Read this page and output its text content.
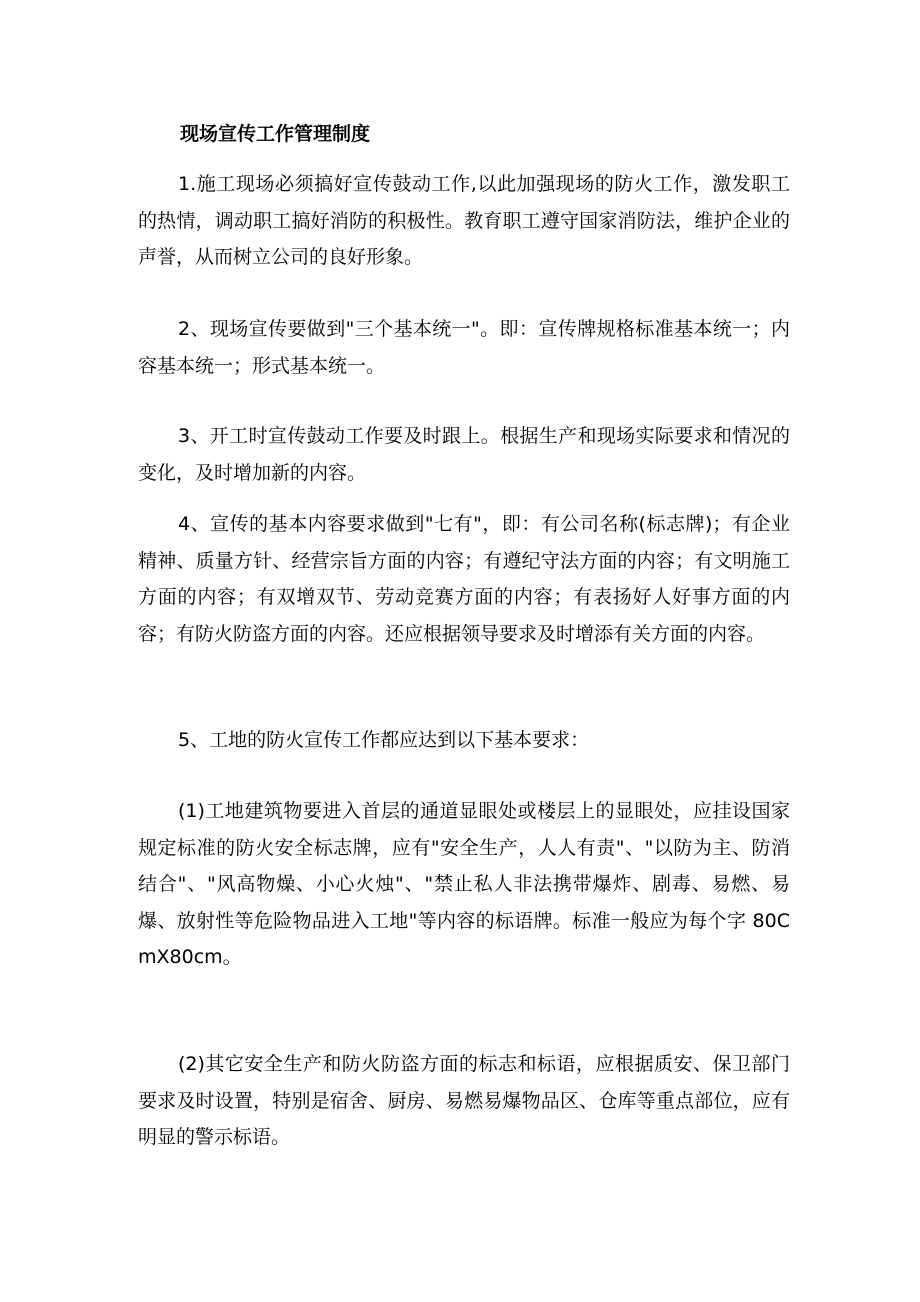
现场宣传工作管理制度

1.施工现场必须搞好宣传鼓动工作,以此加强现场的防火工作，激发职工的热情，调动职工搞好消防的积极性。教育职工遵守国家消防法，维护企业的声誉，从而树立公司的良好形象。

2、现场宣传要做到"三个基本统一"。即：宣传牌规格标准基本统一；内容基本统一；形式基本统一。

3、开工时宣传鼓动工作要及时跟上。根据生产和现场实际要求和情况的变化，及时增加新的内容。

4、宣传的基本内容要求做到"七有"，即：有公司名称(标志牌)；有企业精神、质量方针、经营宗旨方面的内容；有遵纪守法方面的内容；有文明施工方面的内容；有双增双节、劳动竞赛方面的内容；有表扬好人好事方面的内容；有防火防盗方面的内容。还应根据领导要求及时增添有关方面的内容。

5、工地的防火宣传工作都应达到以下基本要求：

(1)工地建筑物要进入首层的通道显眼处或楼层上的显眼处，应挂设国家规定标准的防火安全标志牌，应有"安全生产，人人有责"、"以防为主、防消结合"、"风高物燥、小心火烛"、"禁止私人非法携带爆炸、剧毒、易燃、易爆、放射性等危险物品进入工地"等内容的标语牌。标准一般应为每个字 80CmX80cm。

(2)其它安全生产和防火防盗方面的标志和标语，应根据质安、保卫部门要求及时设置，特别是宿舍、厨房、易燃易爆物品区、仓库等重点部位，应有明显的警示标语。
